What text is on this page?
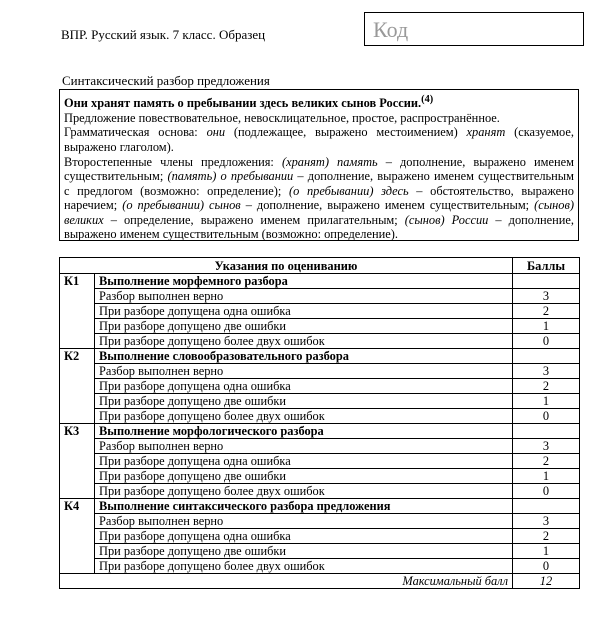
ВПР. Русский язык. 7 класс. Образец	Код
Синтаксический разбор предложения

Они хранят память о пребывании здесь великих сынов России.$^{(4)}$

Предложение повествовательное, невосклицательное, простое, распространённое.

Грамматическая основа: они (подлежащее, выражено местоимением) хранят (сказуемое, выражено глаголом).

Второстепенные члены предложения: (хранят) память – дополнение, выражено именем существительным; (память) о пребывании – дополнение, выражено именем существительным с предлогом (возможно: определение); (о пребывании) здесь – обстоятельство, выражено наречием; (о пребывании) сынов – дополнение, выражено именем существительным; (сынов) великих – определение, выражено именем прилагательным; (сынов) России – дополнение, выражено именем существительным (возможно: определение).

Указания по оцениванию		Баллы
К1	Выполнение морфемного разбора	
	Разбор выполнен верно	3
	При разборе допущена одна ошибка	2
	При разборе допущено две ошибки	1
	При разборе допущено более двух ошибок	0
К2	Выполнение словообразовательного разбора	
	Разбор выполнен верно	3
	При разборе допущена одна ошибка	2
	При разборе допущено две ошибки	1
	При разборе допущено более двух ошибок	0
К3	Выполнение морфологического разбора	
	Разбор выполнен верно	3
	При разборе допущена одна ошибка	2
	При разборе допущено две ошибки	1
	При разборе допущено более двух ошибок	0
К4	Выполнение синтаксического разбора предложения	
	Разбор выполнен верно	3
	При разборе допущена одна ошибка	2
	При разборе допущено две ошибки	1
	При разборе допущено более двух ошибок	0
Максимальный балл		12
